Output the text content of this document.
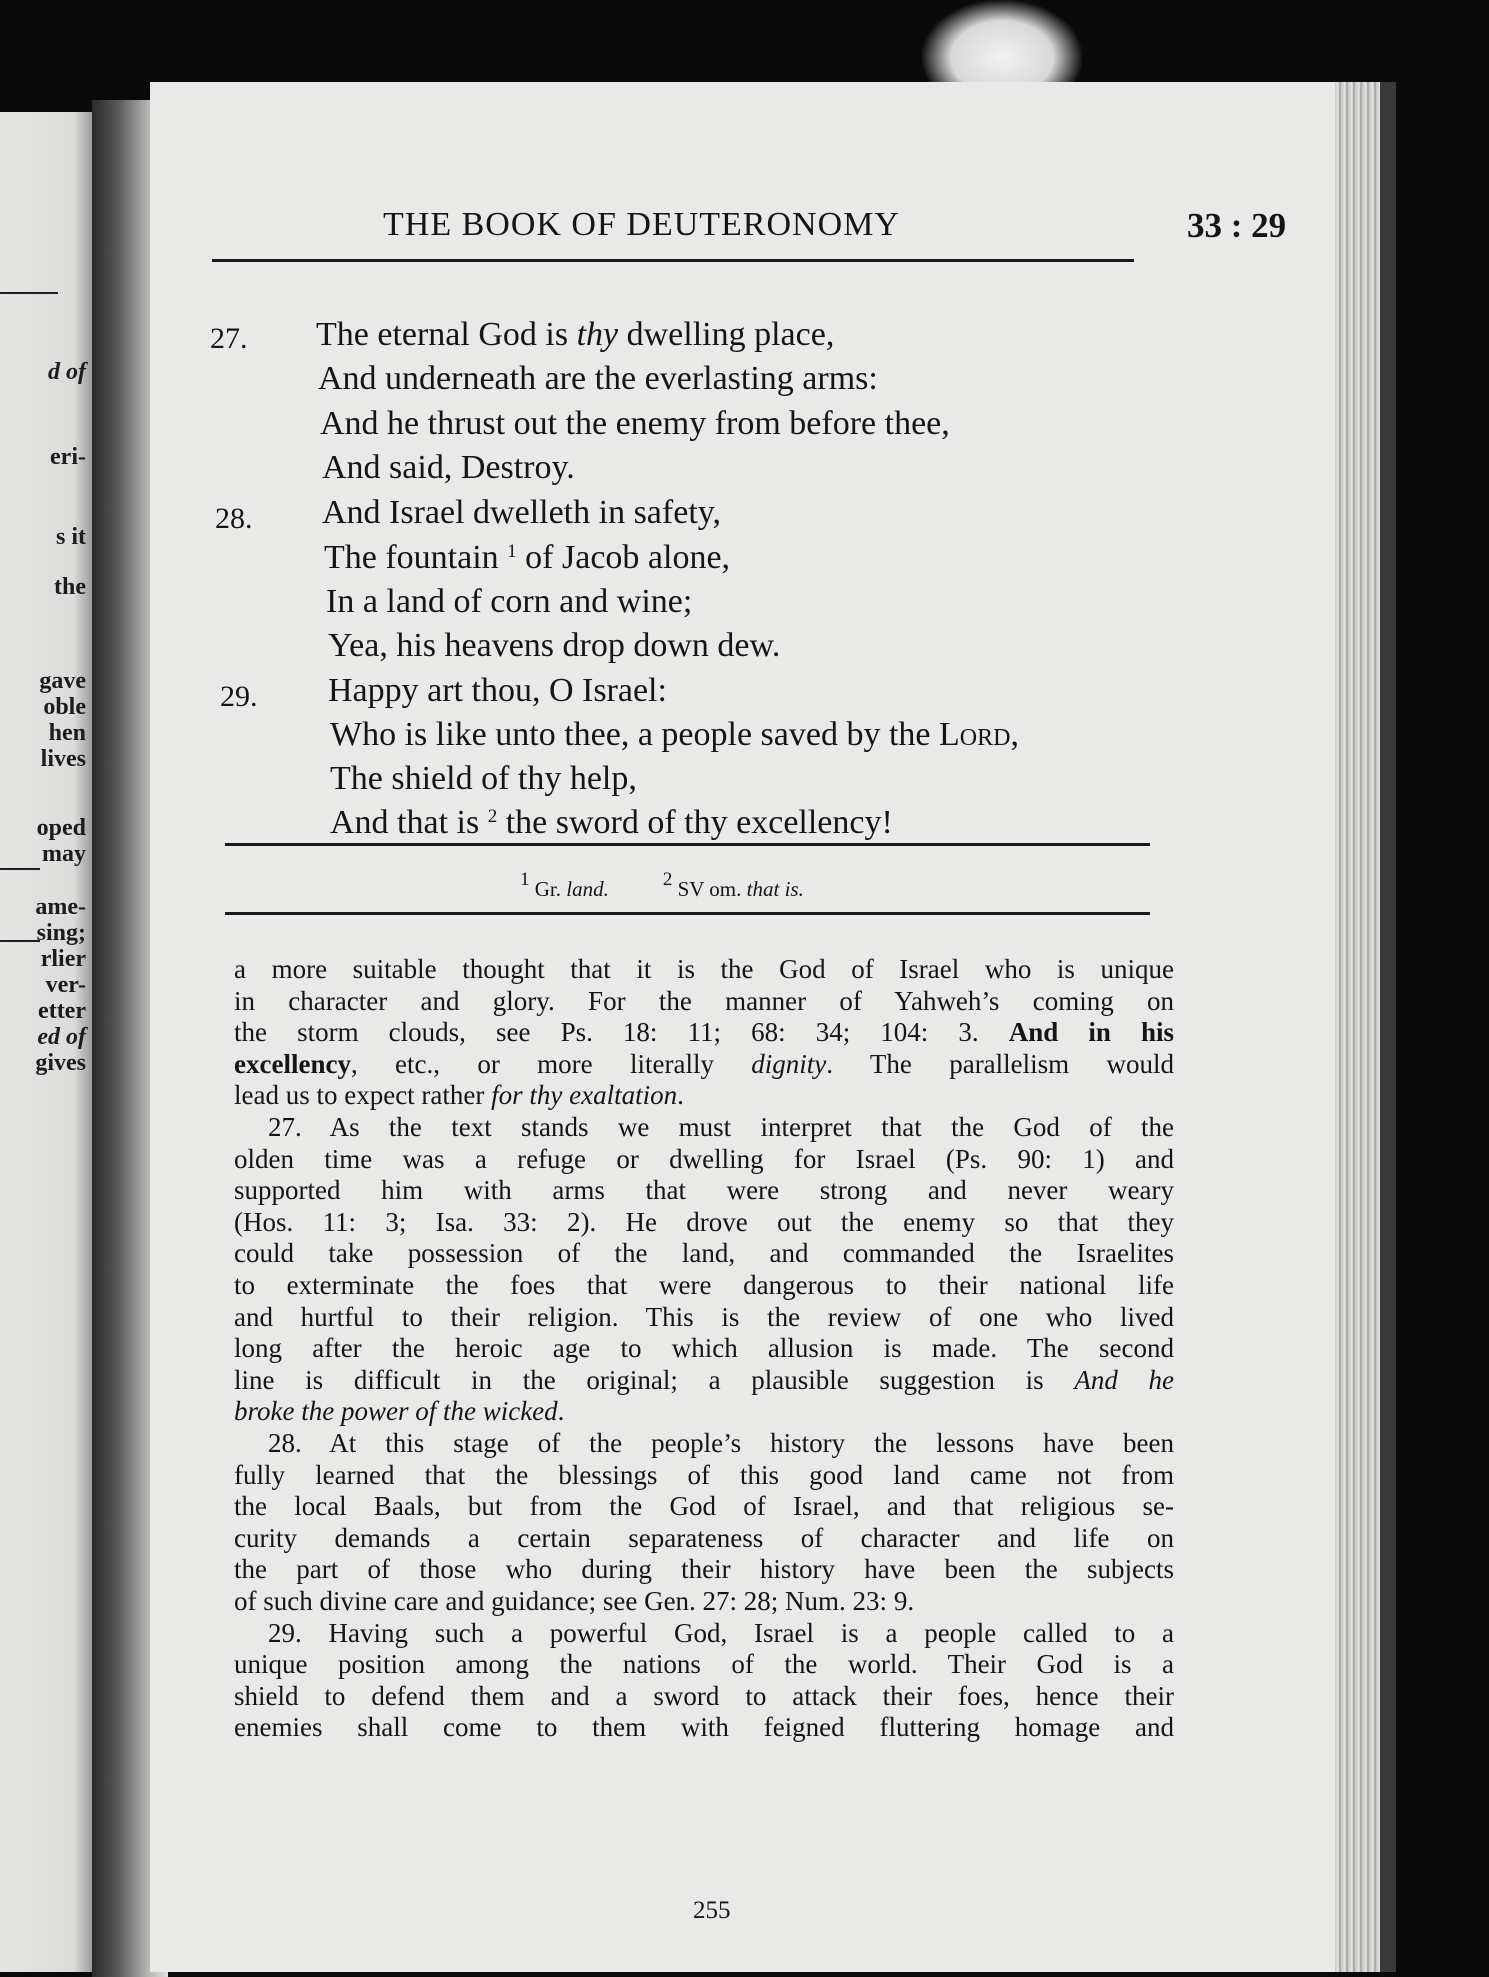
d of
eri-
s it
the
gave
oble
hen
lives
oped
may
ame-
sing;
rlier
ver-
etter
ed of
gives
THE BOOK OF DEUTERONOMY	33 : 29
27. The eternal God is thy dwelling place,
And underneath are the everlasting arms:
And he thrust out the enemy from before thee,
And said, Destroy.
28. And Israel dwelleth in safety,
The fountain $^1$ of Jacob alone,
In a land of corn and wine;
Yea, his heavens drop down dew.
29. Happy art thou, O Israel:
Who is like unto thee, a people saved by the Lord,
The shield of thy help,
And that is $^2$ the sword of thy excellency!
$^1$ Gr. land.	$^2$ SV om. that is.
a more suitable thought that it is the God of Israel who is unique
in character and glory. For the manner of Yahweh’s coming on
the storm clouds, see Ps. 18: 11; 68: 34; 104: 3. And in his
excellency, etc., or more literally dignity. The parallelism would
lead us to expect rather for thy exaltation.
27. As the text stands we must interpret that the God of the
olden time was a refuge or dwelling for Israel (Ps. 90: 1) and
supported him with arms that were strong and never weary
(Hos. 11: 3; Isa. 33: 2). He drove out the enemy so that they
could take possession of the land, and commanded the Israelites
to exterminate the foes that were dangerous to their national life
and hurtful to their religion. This is the review of one who lived
long after the heroic age to which allusion is made. The second
line is difficult in the original; a plausible suggestion is And he
broke the power of the wicked.
28. At this stage of the people’s history the lessons have been
fully learned that the blessings of this good land came not from
the local Baals, but from the God of Israel, and that religious se-
curity demands a certain separateness of character and life on
the part of those who during their history have been the subjects
of such divine care and guidance; see Gen. 27: 28; Num. 23: 9.
29. Having such a powerful God, Israel is a people called to a
unique position among the nations of the world. Their God is a
shield to defend them and a sword to attack their foes, hence their
enemies shall come to them with feigned fluttering homage and
255
